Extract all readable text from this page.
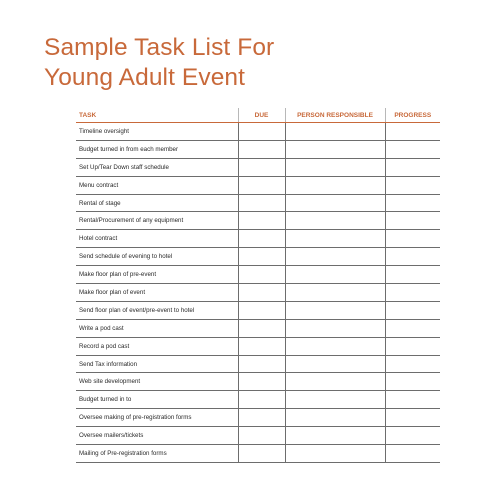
Sample Task List For
Young Adult Event
TASK	DUE	PERSON RESPONSIBLE	PROGRESS
Timeline oversight			
Budget turned in from each member			
Set Up/Tear Down staff schedule			
Menu contract			
Rental of stage			
Rental/Procurement of any equipment			
Hotel contract			
Send schedule of evening to hotel			
Make floor plan of pre-event			
Make floor plan of event			
Send floor plan of event/pre-event to hotel			
Write a pod cast			
Record a pod cast			
Send Tax information			
Web site development			
Budget turned in to			
Oversee making of pre-registration forms			
Oversee mailers/tickets			
Mailing of Pre-registration forms			
